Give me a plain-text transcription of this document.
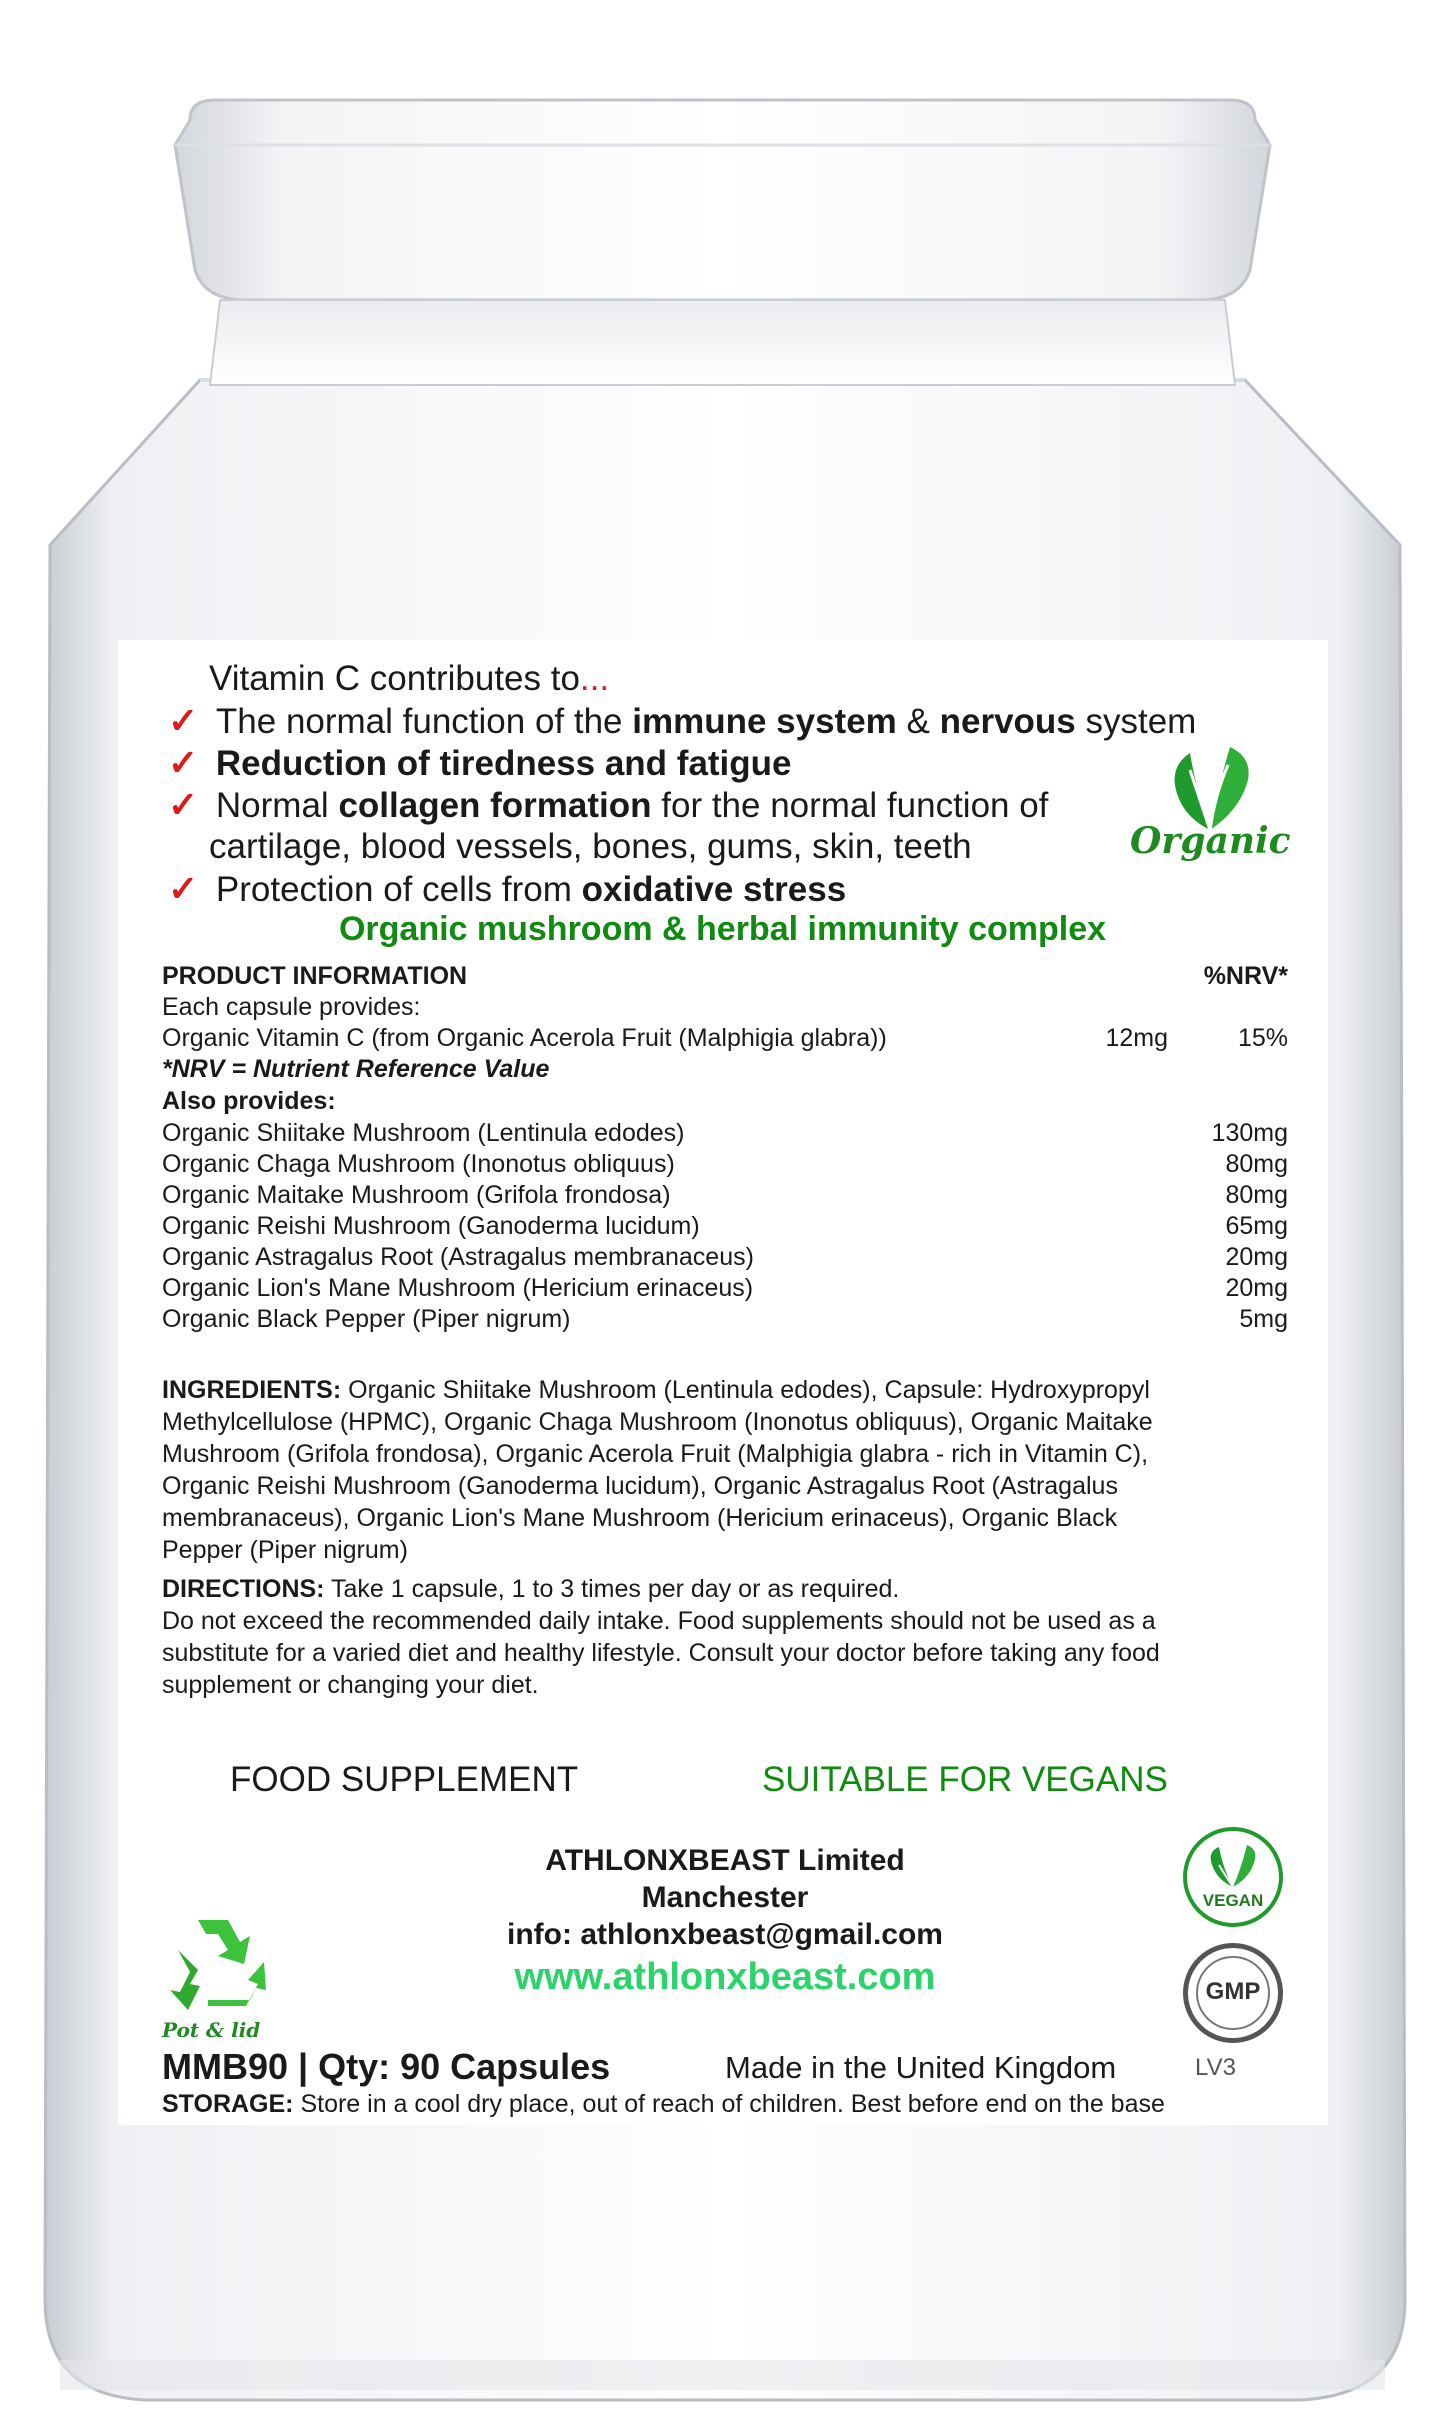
Vitamin C contributes to...
✓ The normal function of the immune system & nervous system
✓ Reduction of tiredness and fatigue
✓ Normal collagen formation for the normal function of
cartilage, blood vessels, bones, gums, skin, teeth
✓ Protection of cells from oxidative stress
Organic
Organic mushroom & herbal immunity complex
PRODUCT INFORMATION	%NRV*
Each capsule provides:
Organic Vitamin C (from Organic Acerola Fruit (Malphigia glabra))	12mg	15%
*NRV = Nutrient Reference Value
Also provides:
Organic Shiitake Mushroom (Lentinula edodes)	130mg
Organic Chaga Mushroom (Inonotus obliquus)	80mg
Organic Maitake Mushroom (Grifola frondosa)	80mg
Organic Reishi Mushroom (Ganoderma lucidum)	65mg
Organic Astragalus Root (Astragalus membranaceus)	20mg
Organic Lion's Mane Mushroom (Hericium erinaceus)	20mg
Organic Black Pepper (Piper nigrum)	5mg
INGREDIENTS: Organic Shiitake Mushroom (Lentinula edodes), Capsule: Hydroxypropyl
Methylcellulose (HPMC), Organic Chaga Mushroom (Inonotus obliquus), Organic Maitake
Mushroom (Grifola frondosa), Organic Acerola Fruit (Malphigia glabra - rich in Vitamin C),
Organic Reishi Mushroom (Ganoderma lucidum), Organic Astragalus Root (Astragalus
membranaceus), Organic Lion's Mane Mushroom (Hericium erinaceus), Organic Black
Pepper (Piper nigrum)
DIRECTIONS: Take 1 capsule, 1 to 3 times per day or as required.
Do not exceed the recommended daily intake. Food supplements should not be used as a
substitute for a varied diet and healthy lifestyle. Consult your doctor before taking any food
supplement or changing your diet.
FOOD SUPPLEMENT	SUITABLE FOR VEGANS
ATHLONXBEAST Limited
Manchester
info: athlonxbeast@gmail.com
www.athlonxbeast.com
Pot & lid
VEGAN
GMP
MMB90 | Qty: 90 Capsules	Made in the United Kingdom	LV3
STORAGE: Store in a cool dry place, out of reach of children. Best before end on the base
